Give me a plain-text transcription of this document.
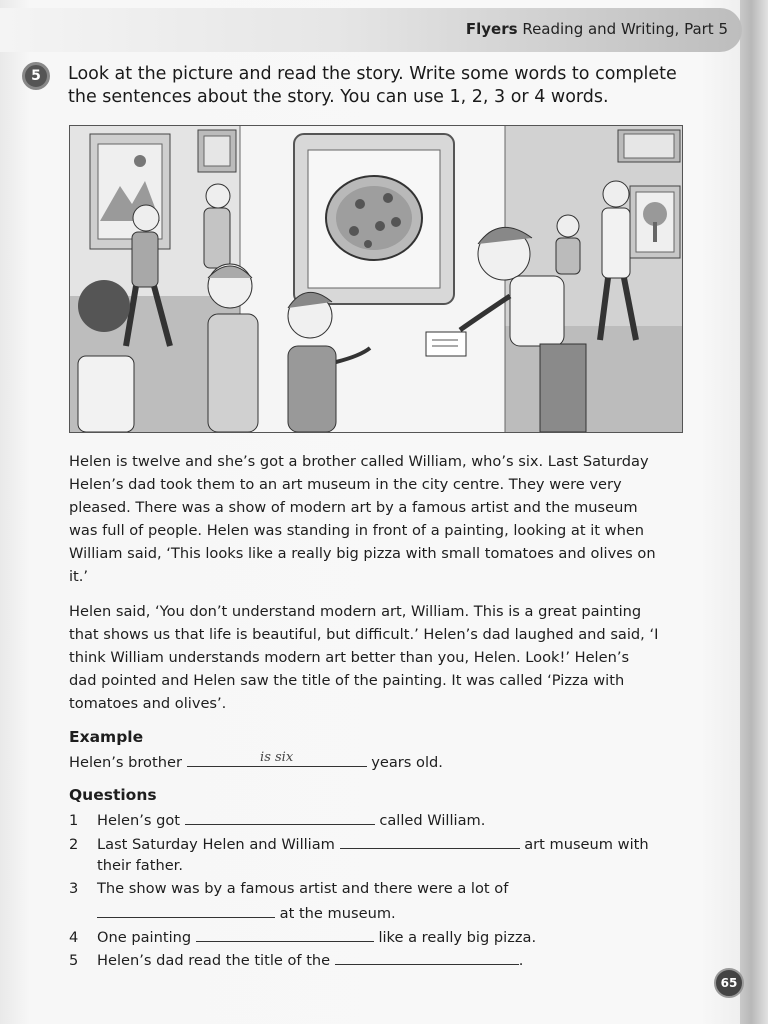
Flyers Reading and Writing, Part 5
5	Look at the picture and read the story. Write some words to complete
the sentences about the story. You can use 1, 2, 3 or 4 words.
Helen is twelve and she’s got a brother called William, who’s six. Last Saturday
Helen’s dad took them to an art museum in the city centre. They were very
pleased. There was a show of modern art by a famous artist and the museum
was full of people. Helen was standing in front of a painting, looking at it when
William said, ‘This looks like a really big pizza with small tomatoes and olives on
it.’
Helen said, ‘You don’t understand modern art, William. This is a great painting
that shows us that life is beautiful, but difficult.’ Helen’s dad laughed and said, ‘I
think William understands modern art better than you, Helen. Look!’ Helen’s
dad pointed and Helen saw the title of the painting. It was called ‘Pizza with
tomatoes and olives’.
Example
Helen’s brother	is six	years old.
Questions
1 Helen’s got	called William.
2 Last Saturday Helen and William	art museum with
their father.
3 The show was by a famous artist and there were a lot of
at the museum.
4 One painting	like a really big pizza.
5 Helen’s dad read the title of the	.
65
